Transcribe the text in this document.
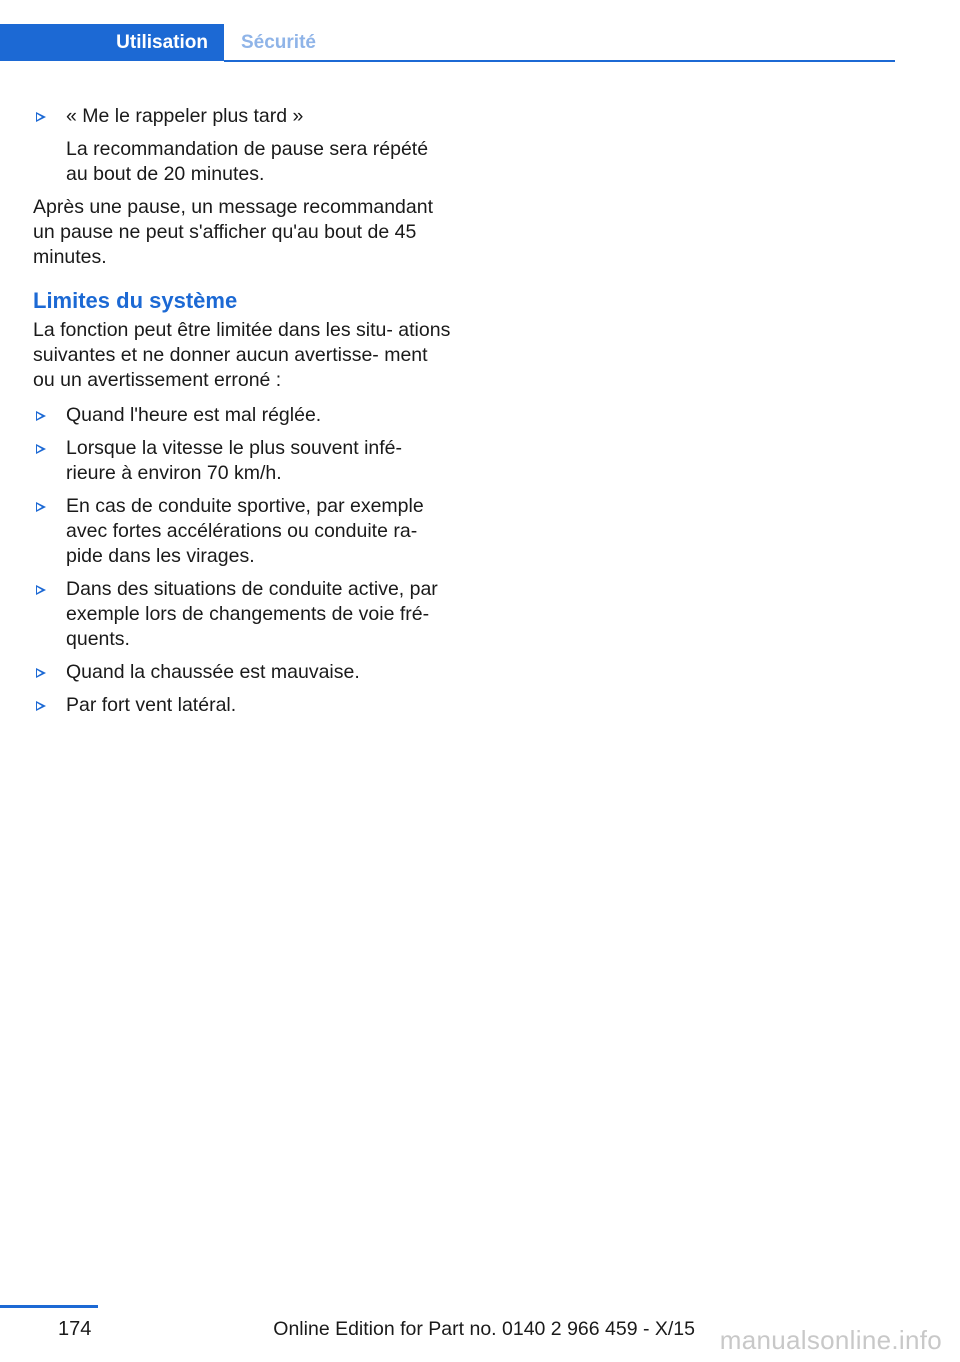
Utilisation Sécurité
« Me le rappeler plus tard »
La recommandation de pause sera répété au bout de 20 minutes.

Après une pause, un message recommandant un pause ne peut s'afficher qu'au bout de 45 minutes.

Limites du système

La fonction peut être limitée dans les situ- ations suivantes et ne donner aucun avertisse- ment ou un avertissement erroné :

Quand l'heure est mal réglée.
Lorsque la vitesse le plus souvent infé- rieure à environ 70 km/h.
En cas de conduite sportive, par exemple avec fortes accélérations ou conduite ra- pide dans les virages.
Dans des situations de conduite active, par exemple lors de changements de voie fré- quents.
Quand la chaussée est mauvaise.
Par fort vent latéral.
174	Online Edition for Part no. 0140 2 966 459 - X/15 manualsonline.info
